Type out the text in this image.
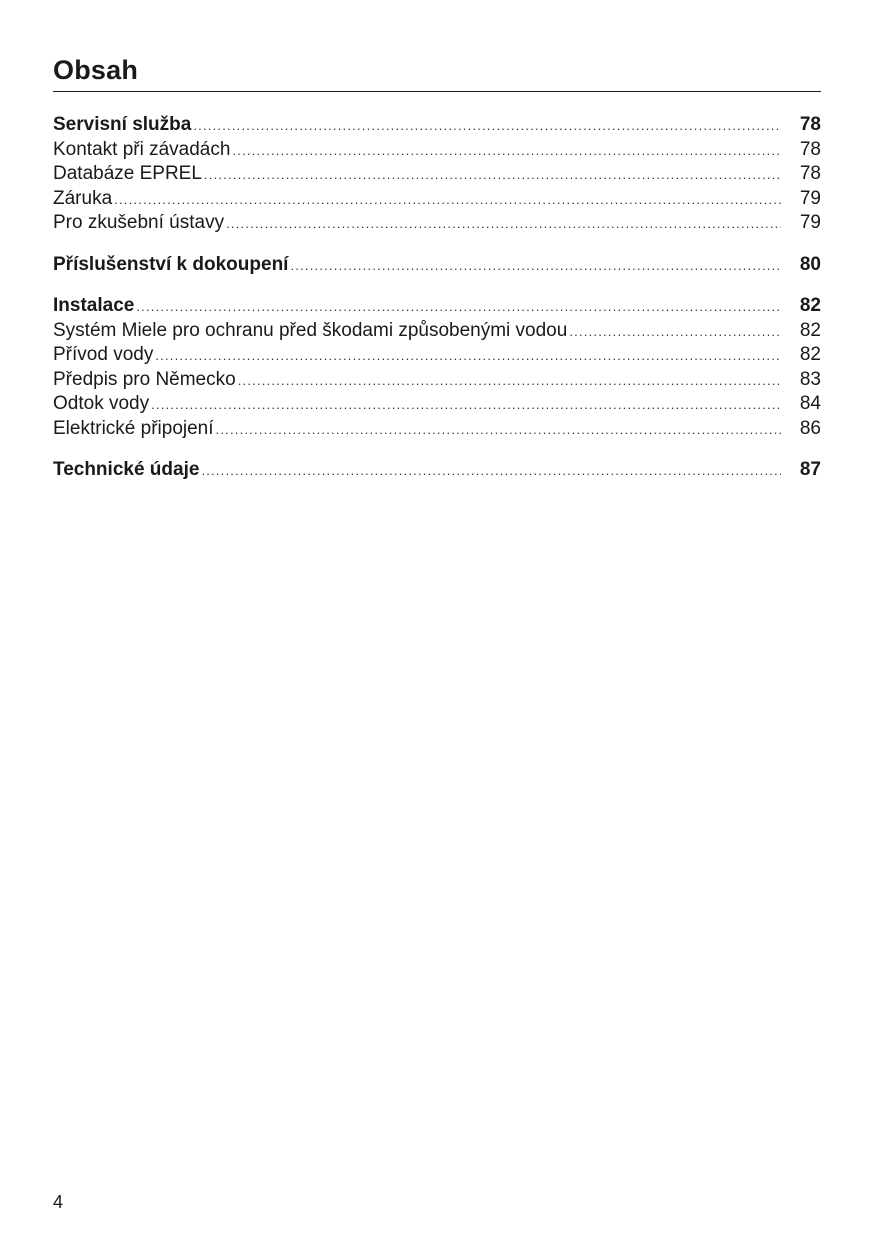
Obsah
Servisní služba .....	78
Kontakt při závadách .....	78
Databáze EPREL .....	78
Záruka .....	79
Pro zkušební ústavy .....	79
Příslušenství k dokoupení .....	80
Instalace .....	82
Systém Miele pro ochranu před škodami způsobenými vodou .....	82
Přívod vody .....	82
Předpis pro Německo .....	83
Odtok vody .....	84
Elektrické připojení .....	86
Technické údaje .....	87
4
